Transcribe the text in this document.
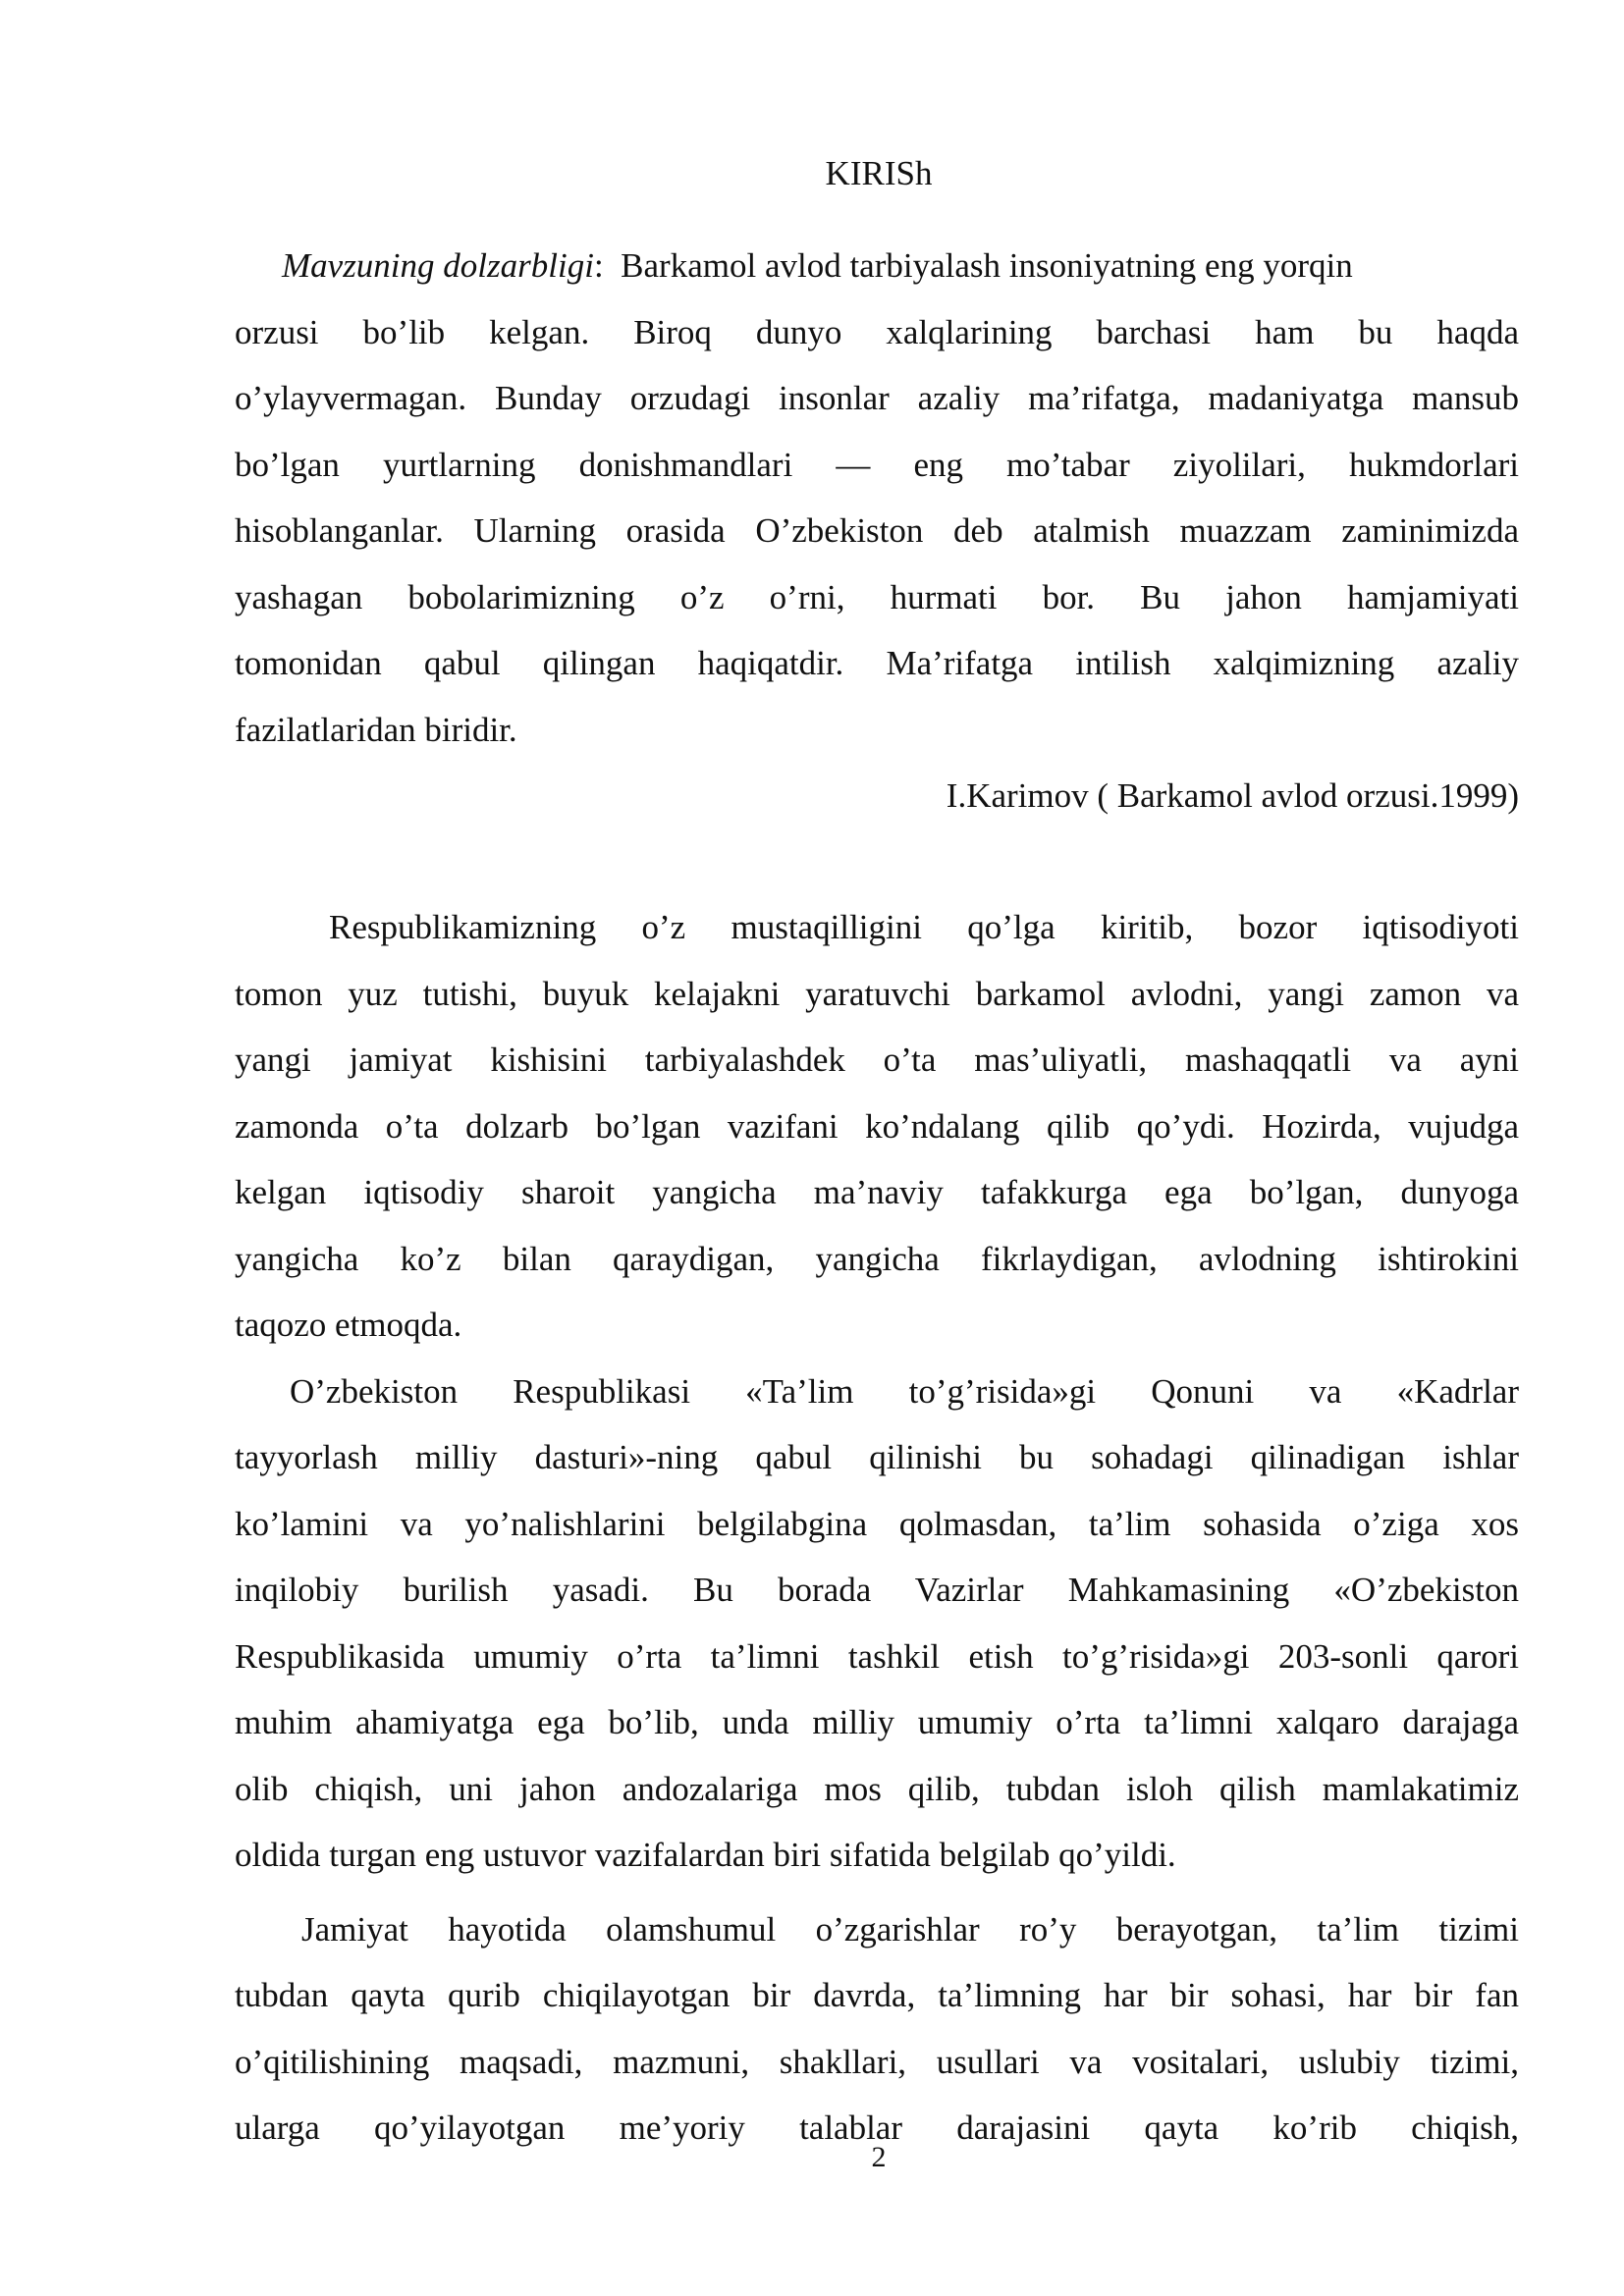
KIRISh

Mavzuning dolzarbligi: Barkamol avlod tarbiyalash insoniyatning eng yorqin

orzusi bo’lib kelgan. Biroq dunyo xalqlarining barchasi ham bu haqda

o’ylayvermagan. Bunday orzudagi insonlar azaliy ma’rifatga, madaniyatga mansub

bo’lgan yurtlarning donishmandlari — eng mo’tabar ziyolilari, hukmdorlari

hisoblanganlar. Ularning orasida O’zbekiston deb atalmish muazzam zaminimizda

yashagan bobolarimizning o’z o’rni, hurmati bor. Bu jahon hamjamiyati

tomonidan qabul qilingan haqiqatdir. Ma’rifatga intilish xalqimizning azaliy

fazilatlaridan biridir.

I.Karimov ( Barkamol avlod orzusi.1999)

Respublikamizning o’z mustaqilligini qo’lga kiritib, bozor iqtisodiyoti

tomon yuz tutishi, buyuk kelajakni yaratuvchi barkamol avlodni, yangi zamon va

yangi jamiyat kishisini tarbiyalashdek o’ta mas’uliyatli, mashaqqatli va ayni

zamonda o’ta dolzarb bo’lgan vazifani ko’ndalang qilib qo’ydi. Hozirda, vujudga

kelgan iqtisodiy sharoit yangicha ma’naviy tafakkurga ega bo’lgan, dunyoga

yangicha ko’z bilan qaraydigan, yangicha fikrlaydigan, avlodning ishtirokini

taqozo etmoqda.

O’zbekiston Respublikasi «Ta’lim to’g’risida»gi Qonuni va «Kadrlar

tayyorlash milliy dasturi»-ning qabul qilinishi bu sohadagi qilinadigan ishlar

ko’lamini va yo’nalishlarini belgilabgina qolmasdan, ta’lim sohasida o’ziga xos

inqilobiy burilish yasadi. Bu borada Vazirlar Mahkamasining «O’zbekiston

Respublikasida umumiy o’rta ta’limni tashkil etish to’g’risida»gi 203-sonli qarori

muhim ahamiyatga ega bo’lib, unda milliy umumiy o’rta ta’limni xalqaro darajaga

olib chiqish, uni jahon andozalariga mos qilib, tubdan isloh qilish mamlakatimiz

oldida turgan eng ustuvor vazifalardan biri sifatida belgilab qo’yildi.

Jamiyat hayotida olamshumul o’zgarishlar ro’y berayotgan, ta’lim tizimi

tubdan qayta qurib chiqilayotgan bir davrda, ta’limning har bir sohasi, har bir fan

o’qitilishining maqsadi, mazmuni, shakllari, usullari va vositalari, uslubiy tizimi,

ularga qo’yilayotgan me’yoriy talablar darajasini qayta ko’rib chiqish,

2
